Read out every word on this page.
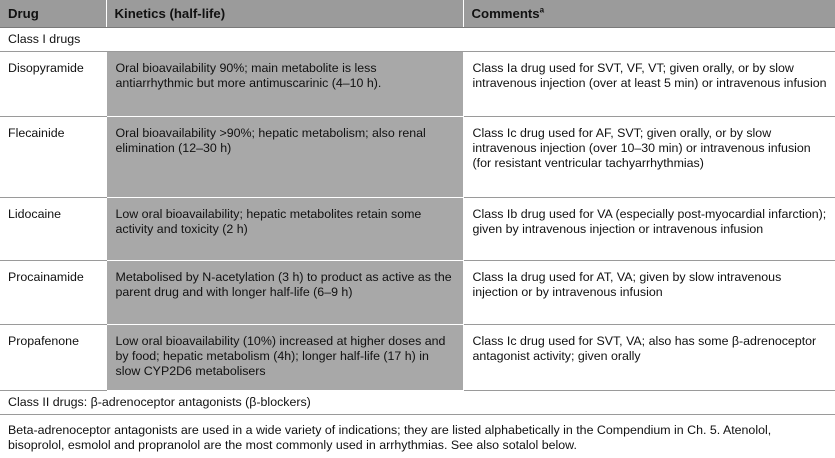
Drug	Kinetics (half-life)	Comments$^a$
Class I drugs		
Disopyramide	Oral bioavailability 90%; main metabolite is less antiarrhythmic but more antimuscarinic (4–10 h).	Class Ia drug used for SVT, VF, VT; given orally, or by slow intravenous injection (over at least 5 min) or intravenous infusion
Flecainide	Oral bioavailability >90%; hepatic metabolism; also renal elimination (12–30 h)	Class Ic drug used for AF, SVT; given orally, or by slow intravenous injection (over 10–30 min) or intravenous infusion (for resistant ventricular tachyarrhythmias)
Lidocaine	Low oral bioavailability; hepatic metabolites retain some activity and toxicity (2 h)	Class Ib drug used for VA (especially post-myocardial infarction); given by intravenous injection or intravenous infusion
Procainamide	Metabolised by N-acetylation (3 h) to product as active as the parent drug and with longer half-life (6–9 h)	Class Ia drug used for AT, VA; given by slow intravenous injection or by intravenous infusion
Propafenone	Low oral bioavailability (10%) increased at higher doses and by food; hepatic metabolism (4h); longer half-life (17 h) in slow CYP2D6 metabolisers	Class Ic drug used for SVT, VA; also has some β-adrenoceptor antagonist activity; given orally
Class II drugs: β-adrenoceptor antagonists (β-blockers)		
Beta-adrenoceptor antagonists are used in a wide variety of indications; they are listed alphabetically in the Compendium in Ch. 5. Atenolol, bisoprolol, esmolol and propranolol are the most commonly used in arrhythmias. See also sotalol below.		
